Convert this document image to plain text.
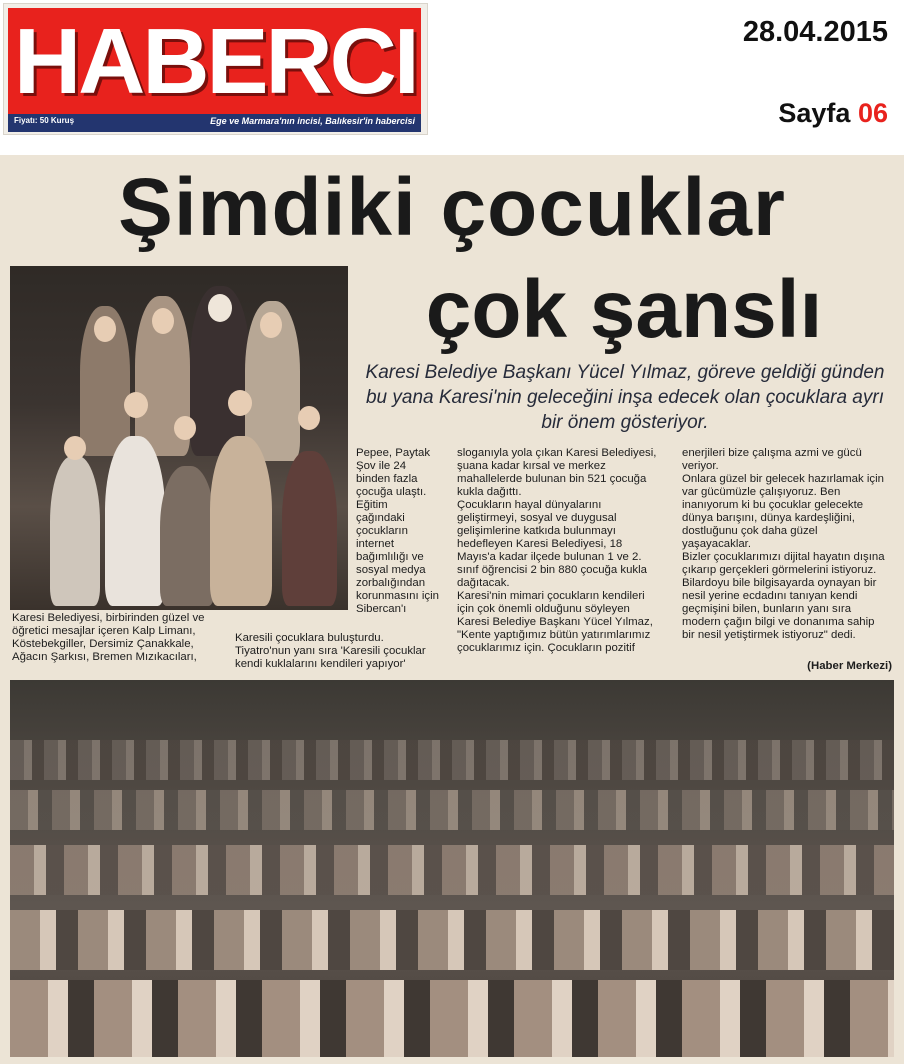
HABERCI
Fiyatı: 50 Kuruş	Ege ve Marmara'nın incisi, Balıkesir'in habercisi
28.04.2015
Sayfa 06
Şimdiki çocuklar
çok şanslı
Karesi Belediye Başkanı Yücel Yılmaz, göreve geldiği günden bu yana Karesi'nin geleceğini inşa edecek olan çocuklara ayrı bir önem gösteriyor.

Pepee, Paytak

Şov ile 24

binden fazla

çocuğa ulaştı.

Eğitim

çağındaki

çocukların

internet

bağımlılığı ve

sosyal medya

zorbalığından

korunmasını için

Sibercan'ı

Karesi Belediyesi, birbirinden güzel ve

öğretici mesajlar içeren Kalp Limanı,

Köstebekgiller, Dersimiz Çanakkale,

Ağacın Şarkısı, Bremen Mızıkacıları,

Karesili çocuklara buluşturdu.

Tiyatro'nun yanı sıra 'Karesili çocuklar

kendi kuklalarını kendileri yapıyor'

sloganıyla yola çıkan Karesi Belediyesi,

şuana kadar kırsal ve merkez

mahallelerde bulunan bin 521 çocuğa

kukla dağıttı.

Çocukların hayal dünyalarını

geliştirmeyi, sosyal ve duygusal

gelişimlerine katkıda bulunmayı

hedefleyen Karesi Belediyesi, 18

Mayıs'a kadar ilçede bulunan 1 ve 2.

sınıf öğrencisi 2 bin 880 çocuğa kukla

dağıtacak.

Karesi'nin mimari çocukların kendileri

için çok önemli olduğunu söyleyen

Karesi Belediye Başkanı Yücel Yılmaz,

"Kente yaptığımız bütün yatırımlarımız

çocuklarımız için. Çocukların pozitif

enerjileri bize çalışma azmi ve gücü

veriyor.

Onlara güzel bir gelecek hazırlamak için

var gücümüzle çalışıyoruz. Ben

inanıyorum ki bu çocuklar gelecekte

dünya barışını, dünya kardeşliğini,

dostluğunu çok daha güzel

yaşayacaklar.

Bizler çocuklarımızı dijital hayatın dışına

çıkarıp gerçekleri görmelerini istiyoruz.

Bilardoyu bile bilgisayarda oynayan bir

nesil yerine ecdadını tanıyan kendi

geçmişini bilen, bunların yanı sıra

modern çağın bilgi ve donanıma sahip

bir nesil yetiştirmek istiyoruz" dedi.

(Haber Merkezi)
